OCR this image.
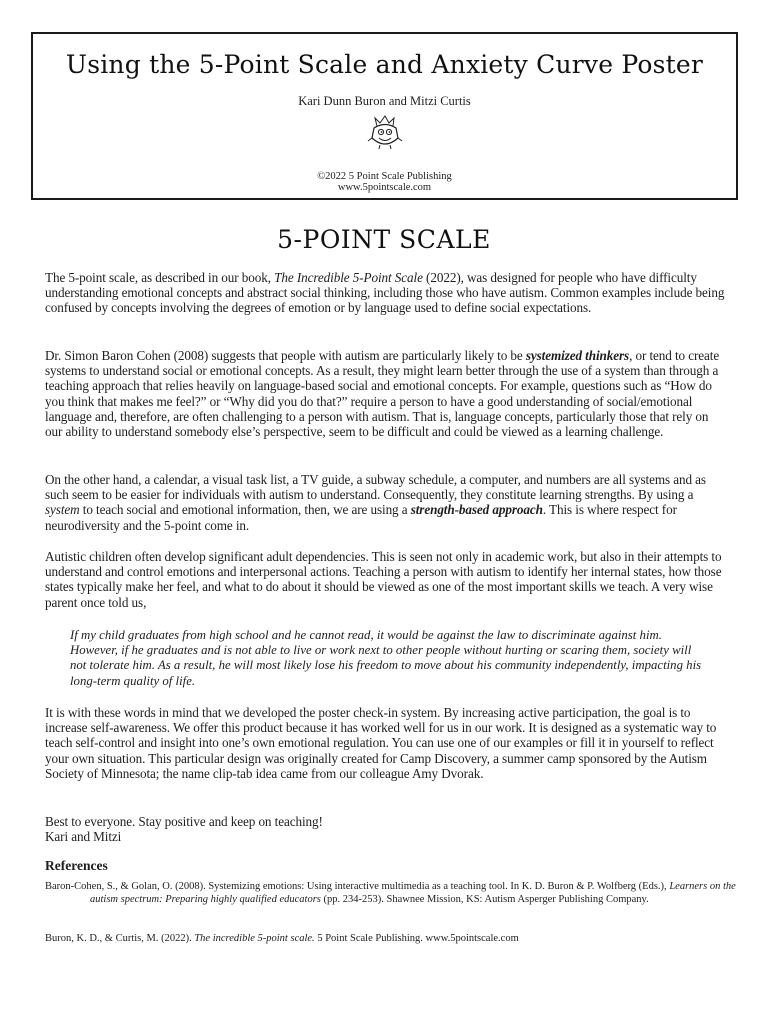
Using the 5-Point Scale and Anxiety Curve Poster
Kari Dunn Buron and Mitzi Curtis
©2022 5 Point Scale Publishing
www.5pointscale.com
5-POINT SCALE

The 5-point scale, as described in our book, The Incredible 5-Point Scale (2022), was designed for people who have difficulty understanding emotional concepts and abstract social thinking, including those who have autism. Common examples include being confused by concepts involving the degrees of emotion or by language used to define social expectations.

Dr. Simon Baron Cohen (2008) suggests that people with autism are particularly likely to be systemized thinkers, or tend to create systems to understand social or emotional concepts. As a result, they might learn better through the use of a system than through a teaching approach that relies heavily on language-based social and emotional concepts. For example, questions such as “How do you think that makes me feel?” or “Why did you do that?” require a person to have a good understanding of social/emotional language and, therefore, are often challenging to a person with autism. That is, language concepts, particularly those that rely on our ability to understand somebody else’s perspective, seem to be difficult and could be viewed as a learning challenge.

On the other hand, a calendar, a visual task list, a TV guide, a subway schedule, a computer, and numbers are all systems and as such seem to be easier for individuals with autism to understand. Consequently, they constitute learning strengths. By using a system to teach social and emotional information, then, we are using a strength-based approach. This is where respect for neurodiversity and the 5-point come in.

Autistic children often develop significant adult dependencies. This is seen not only in academic work, but also in their attempts to understand and control emotions and interpersonal actions. Teaching a person with autism to identify her internal states, how those states typically make her feel, and what to do about it should be viewed as one of the most important skills we teach. A very wise parent once told us,

If my child graduates from high school and he cannot read, it would be against the law to discriminate against him. However, if he graduates and is not able to live or work next to other people without hurting or scaring them, society will not tolerate him. As a result, he will most likely lose his freedom to move about his community independently, impacting his long-term quality of life.

It is with these words in mind that we developed the poster check-in system. By increasing active participation, the goal is to increase self-awareness. We offer this product because it has worked well for us in our work. It is designed as a systematic way to teach self-control and insight into one’s own emotional regulation. You can use one of our examples or fill it in yourself to reflect your own situation. This particular design was originally created for Camp Discovery, a summer camp sponsored by the Autism Society of Minnesota; the name clip-tab idea came from our colleague Amy Dvorak.

Best to everyone. Stay positive and keep on teaching!
Kari and Mitzi

References

Baron-Cohen, S., & Golan, O. (2008). Systemizing emotions: Using interactive multimedia as a teaching tool. In K. D. Buron & P. Wolfberg (Eds.), Learners on the autism spectrum: Preparing highly qualified educators (pp. 234-253). Shawnee Mission, KS: Autism Asperger Publishing Company.

Buron, K. D., & Curtis, M. (2022). The incredible 5-point scale. 5 Point Scale Publishing. www.5pointscale.com
